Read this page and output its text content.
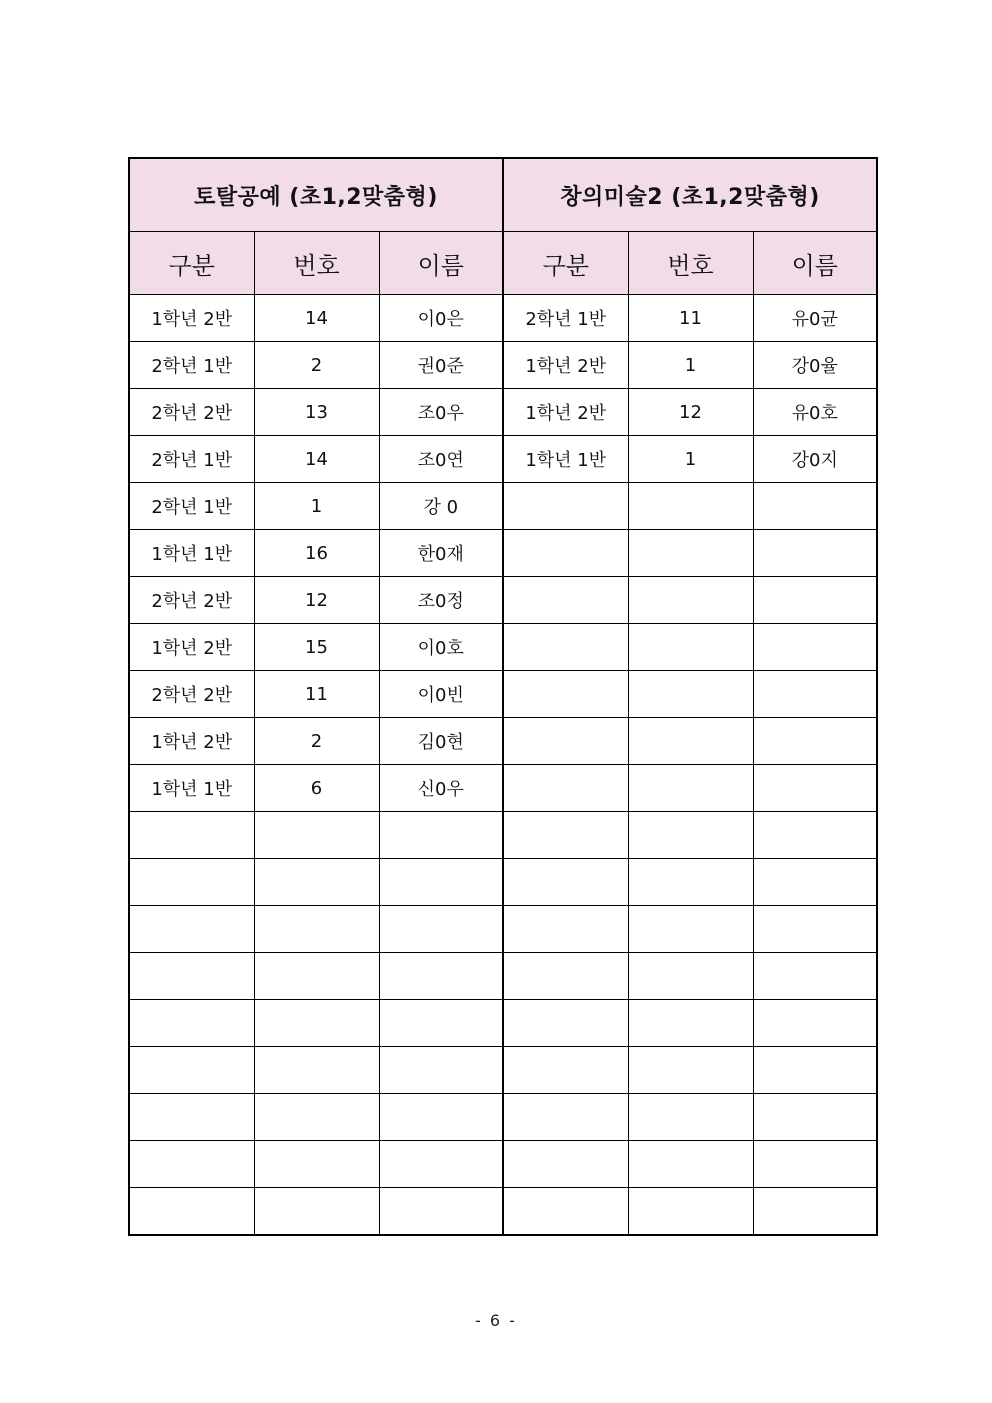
토탈공예 (초1,2맞춤형)			창의미술2 (초1,2맞춤형)		
구분	번호	이름	구분	번호	이름
1학년 2반	14	이0은	2학년 1반	11	유0균
2학년 1반	2	권0준	1학년 2반	1	강0율
2학년 2반	13	조0우	1학년 2반	12	유0호
2학년 1반	14	조0연	1학년 1반	1	강0지
2학년 1반	1	강 0			
1학년 1반	16	한0재			
2학년 2반	12	조0정			
1학년 2반	15	이0호			
2학년 2반	11	이0빈			
1학년 2반	2	김0현			
1학년 1반	6	신0우			

- 6 -
